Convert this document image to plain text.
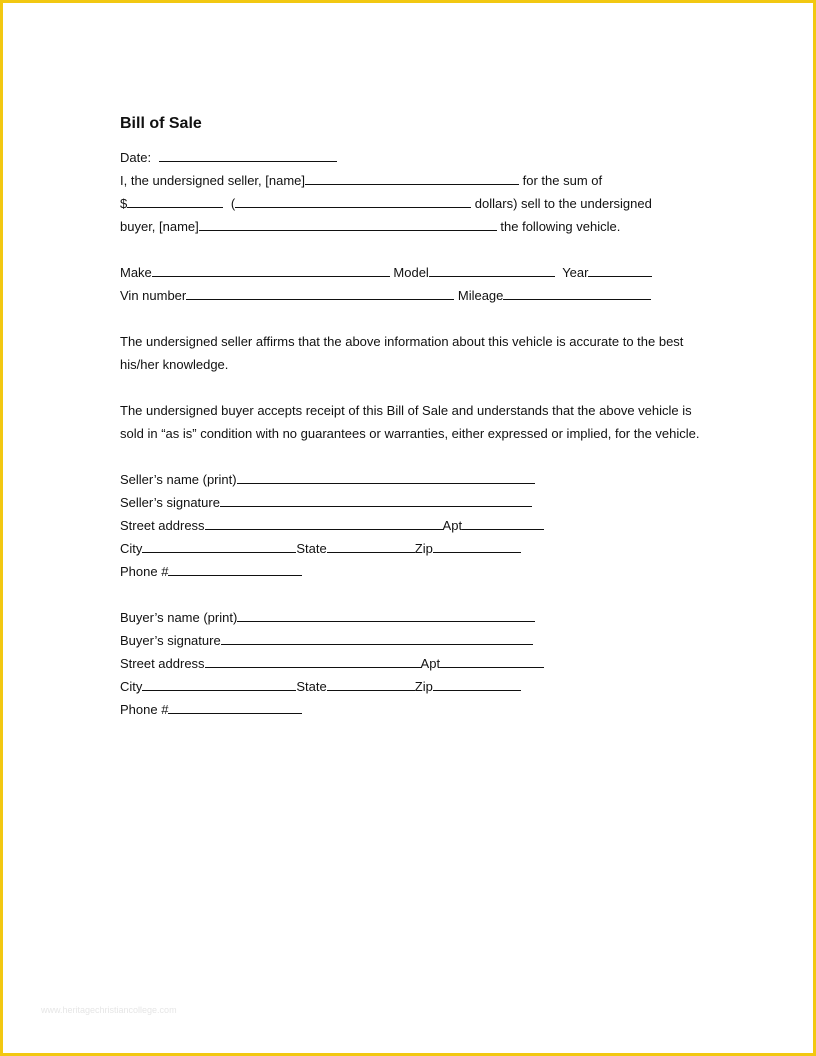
Bill of Sale
Date:
I, the undersigned seller, [name]	for the sum of
$	(	dollars) sell to the undersigned
buyer, [name]	the following vehicle.
Make	Model	Year
Vin number	Mileage

The undersigned seller affirms that the above information about this vehicle is accurate to the best his/her knowledge.

The undersigned buyer accepts receipt of this Bill of Sale and understands that the above vehicle is sold in “as is” condition with no guarantees or warranties, either expressed or implied, for the vehicle.

Seller’s name (print)
Seller’s signature
Street address	Apt
City	State	Zip
Phone #
Buyer’s name (print)
Buyer’s signature
Street address	Apt
City	State	Zip
Phone #
www.heritagechristiancollege.com
